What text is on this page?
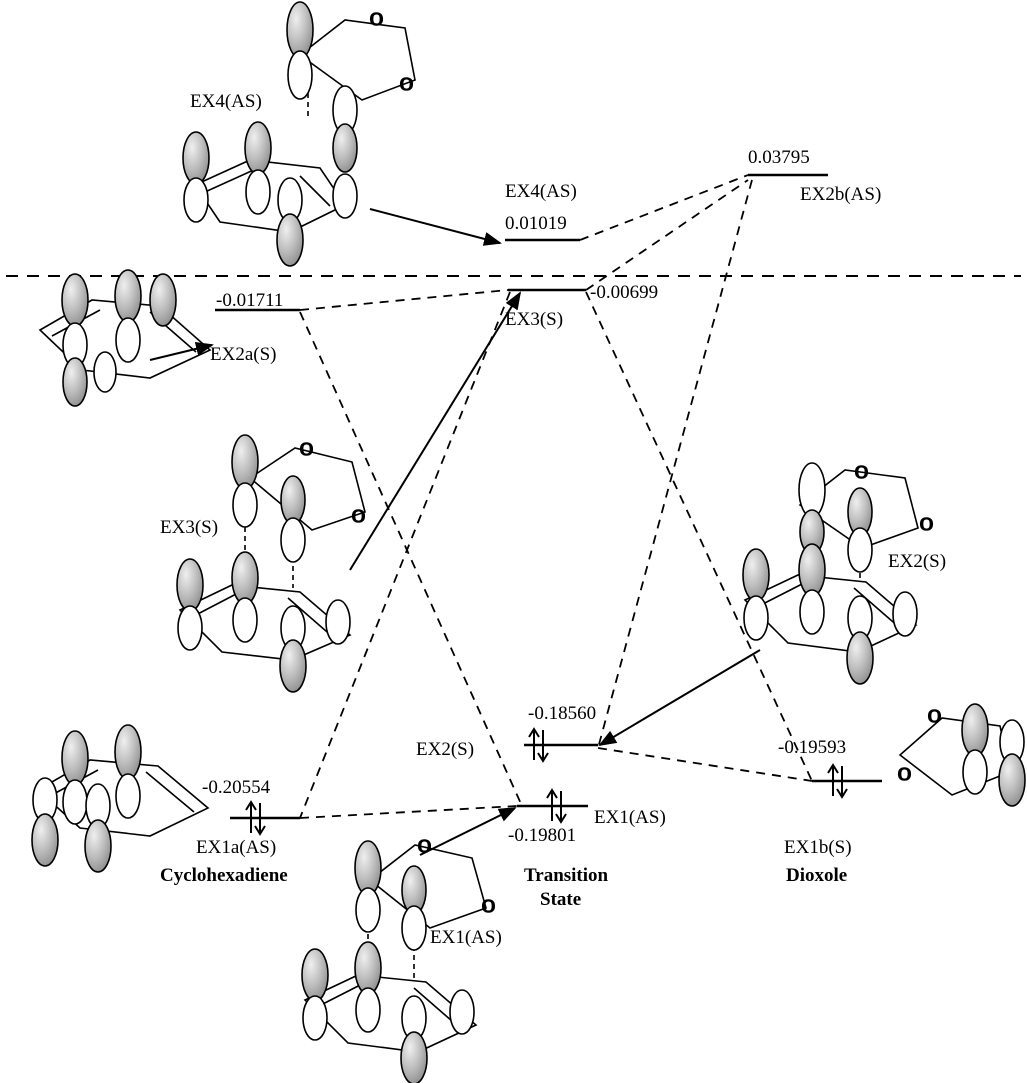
O
O
O
O
O
O
O
O
O
O
EX4(AS)
EX3(S)
EX2(S)
EX1(AS)
EX4(AS)
0.01019
0.03795
EX2b(AS)
-0.01711
EX2a(S)
-0.00699
EX3(S)
-0.18560
EX2(S)
-0.19801
EX1(AS)
-0.20554
EX1a(AS)
-0.19593
EX1b(S)
Cyclohexadiene	Transition
State
Dioxole
